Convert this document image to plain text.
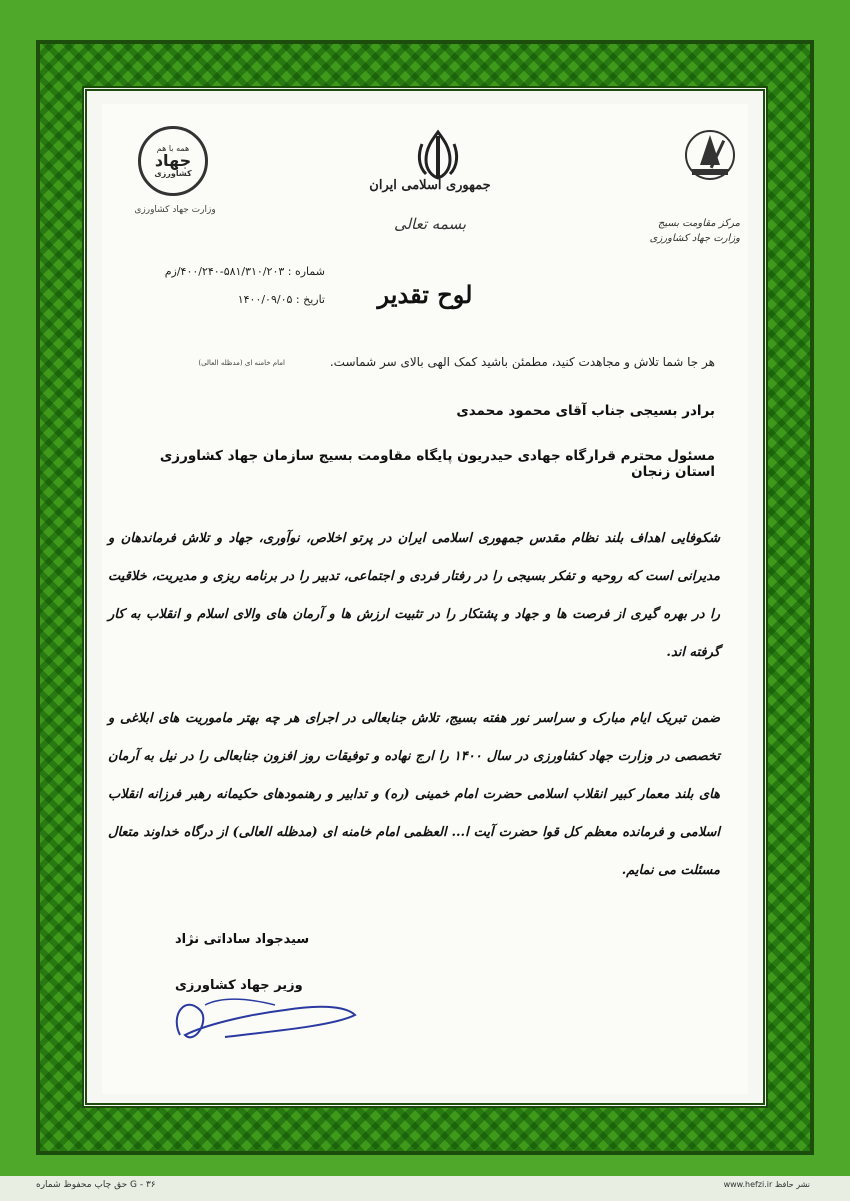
جمهوری اسلامی ایران
بسمه تعالی
همه با هم
جهاد
کشاورزی
وزارت جهاد کشاورزی
مرکز مقاومت بسیج
وزارت جهاد کشاورزی
شماره : ۵۸۱/۳۱۰/۲۰۳-۴۰۰/۲۴۰/زم
تاریخ : ۱۴۰۰/۰۹/۰۵	لوح تقدیر
هر جا شما تلاش و مجاهدت کنید، مطمئن باشید کمک الهی بالای سر شماست.
امام خامنه ای (مدظله العالی)
برادر بسیجی جناب آقای محمود محمدی
مسئول محترم قرارگاه جهادی حیدریون پایگاه مقاومت بسیج سازمان جهاد کشاورزی استان زنجان
شکوفایی اهداف بلند نظام مقدس جمهوری اسلامی ایران در پرتو اخلاص، نوآوری، جهاد و تلاش فرماندهان و مدیرانی است که روحیه و تفکر بسیجی را در رفتار فردی و اجتماعی، تدبیر را در برنامه ریزی و مدیریت، خلاقیت را در بهره گیری از فرصت ها و جهاد و پشتکار را در تثبیت ارزش ها و آرمان های والای اسلام و انقلاب به کار گرفته اند.
ضمن تبریک ایام مبارک و سراسر نور هفته بسیج، تلاش جنابعالی در اجرای هر چه بهتر ماموریت های ابلاغی و تخصصی در وزارت جهاد کشاورزی در سال ۱۴۰۰ را ارج نهاده و توفیقات روز افزون جنابعالی را در نیل به آرمان های بلند معمار کبیر انقلاب اسلامی حضرت امام خمینی (ره) و تدابیر و رهنمودهای حکیمانه رهبر فرزانه انقلاب اسلامی و فرمانده معظم کل قوا حضرت آیت ا... العظمی امام خامنه ای (مدظله العالی) از درگاه خداوند متعال مسئلت می نمایم.
سیدجواد ساداتی نژاد
وزیر جهاد کشاورزی
G - ۳۶ حق چاپ محفوظ شماره	نشر حافظ www.hefzi.ir
